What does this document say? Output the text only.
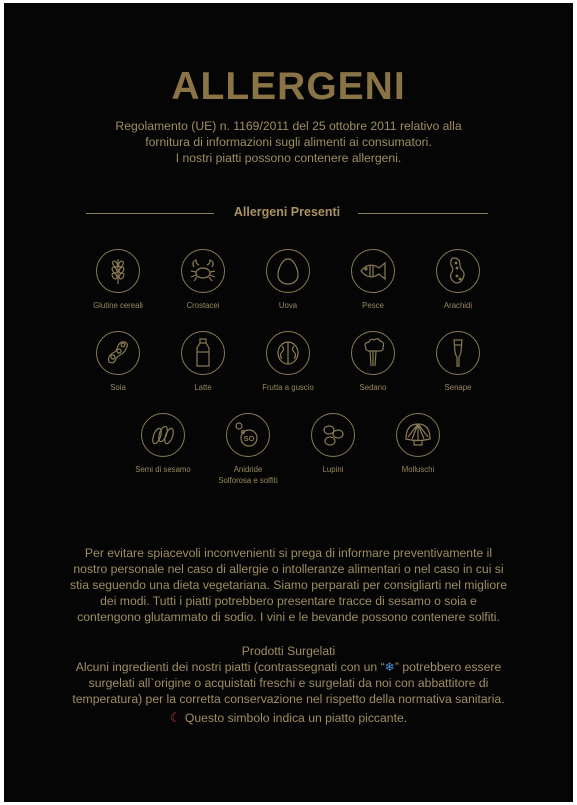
ALLERGENI
Regolamento (UE) n. 1169/2011 del 25 ottobre 2011 relativo alla
fornitura di informazioni sugli alimenti ai consumatori.
I nostri piatti possono contenere allergeni.
Allergeni Presenti
Glutine cereali	Crostacei	Uova	Pesce	Arachidi
Soia	Latte	Frutta a guscio	Sedano	Senape
Semi di sesamo
SO
Anidride
Solforosa e solfiti
Lupini	Molluschi
Per evitare spiacevoli inconvenienti si prega di informare preventivamente il
nostro personale nel caso di allergie o intolleranze alimentari o nel caso in cui si
stia seguendo una dieta vegetariana. Siamo perparati per consigliarti nel migliore
dei modi. Tutti i piatti potrebbero presentare tracce di sesamo o soia e
contengono glutammato di sodio. I vini e le bevande possono contenere solfiti.
Prodotti Surgelati
Alcuni ingredienti dei nostri piatti (contrassegnati con un “❄” potrebbero essere
surgelati all`origine o acquistati freschi e surgelati da noi con abbattitore di
temperatura) per la corretta conservazione nel rispetto della normativa sanitaria.
☾ Questo simbolo indica un piatto piccante.
